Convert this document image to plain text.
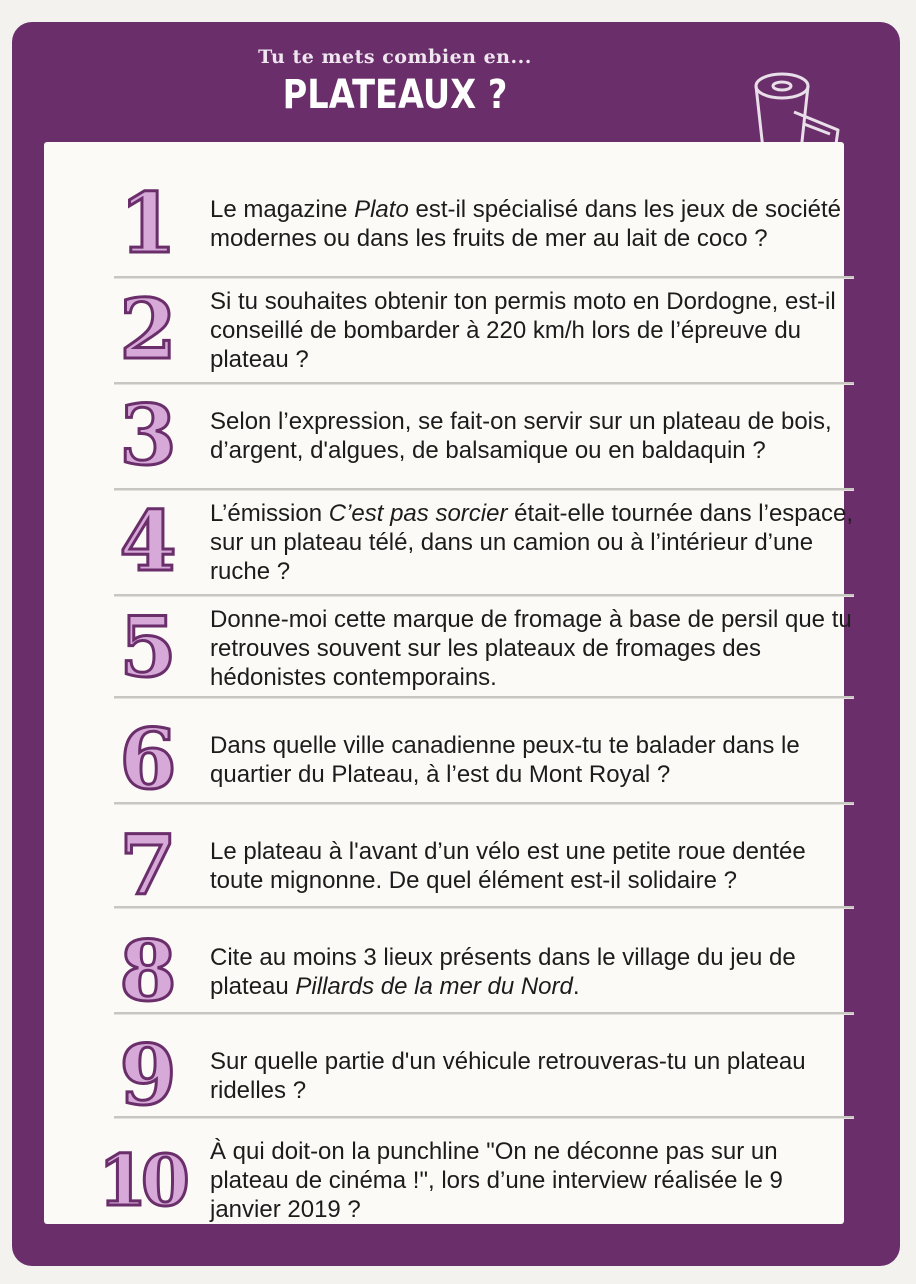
Tu te mets combien en...
PLATEAUX ?
1	Le magazine Plato est-il spécialisé dans les jeux de société modernes ou dans les fruits de mer au lait de coco ?

2	Si tu souhaites obtenir ton permis moto en Dordogne, est-il conseillé de bombarder à 220 km/h lors de l’épreuve du plateau ?

3	Selon l’expression, se fait-on servir sur un plateau de bois, d’argent, d'algues, de balsamique ou en baldaquin ?

4	L’émission C’est pas sorcier était-elle tournée dans l’espace, sur un plateau télé, dans un camion ou à l’intérieur d’une ruche ?

5	Donne-moi cette marque de fromage à base de persil que tu retrouves souvent sur les plateaux de fromages des hédonistes contemporains.

6	Dans quelle ville canadienne peux-tu te balader dans le quartier du Plateau, à l’est du Mont Royal ?

7	Le plateau à l'avant d’un vélo est une petite roue dentée toute mignonne. De quel élément est-il solidaire ?

8	Cite au moins 3 lieux présents dans le village du jeu de plateau Pillards de la mer du Nord.

9	Sur quelle partie d'un véhicule retrouveras-tu un plateau ridelles ?

10 À qui doit-on la punchline "On ne déconne pas sur un plateau de cinéma !", lors d’une interview réalisée le 9 janvier 2019 ?
